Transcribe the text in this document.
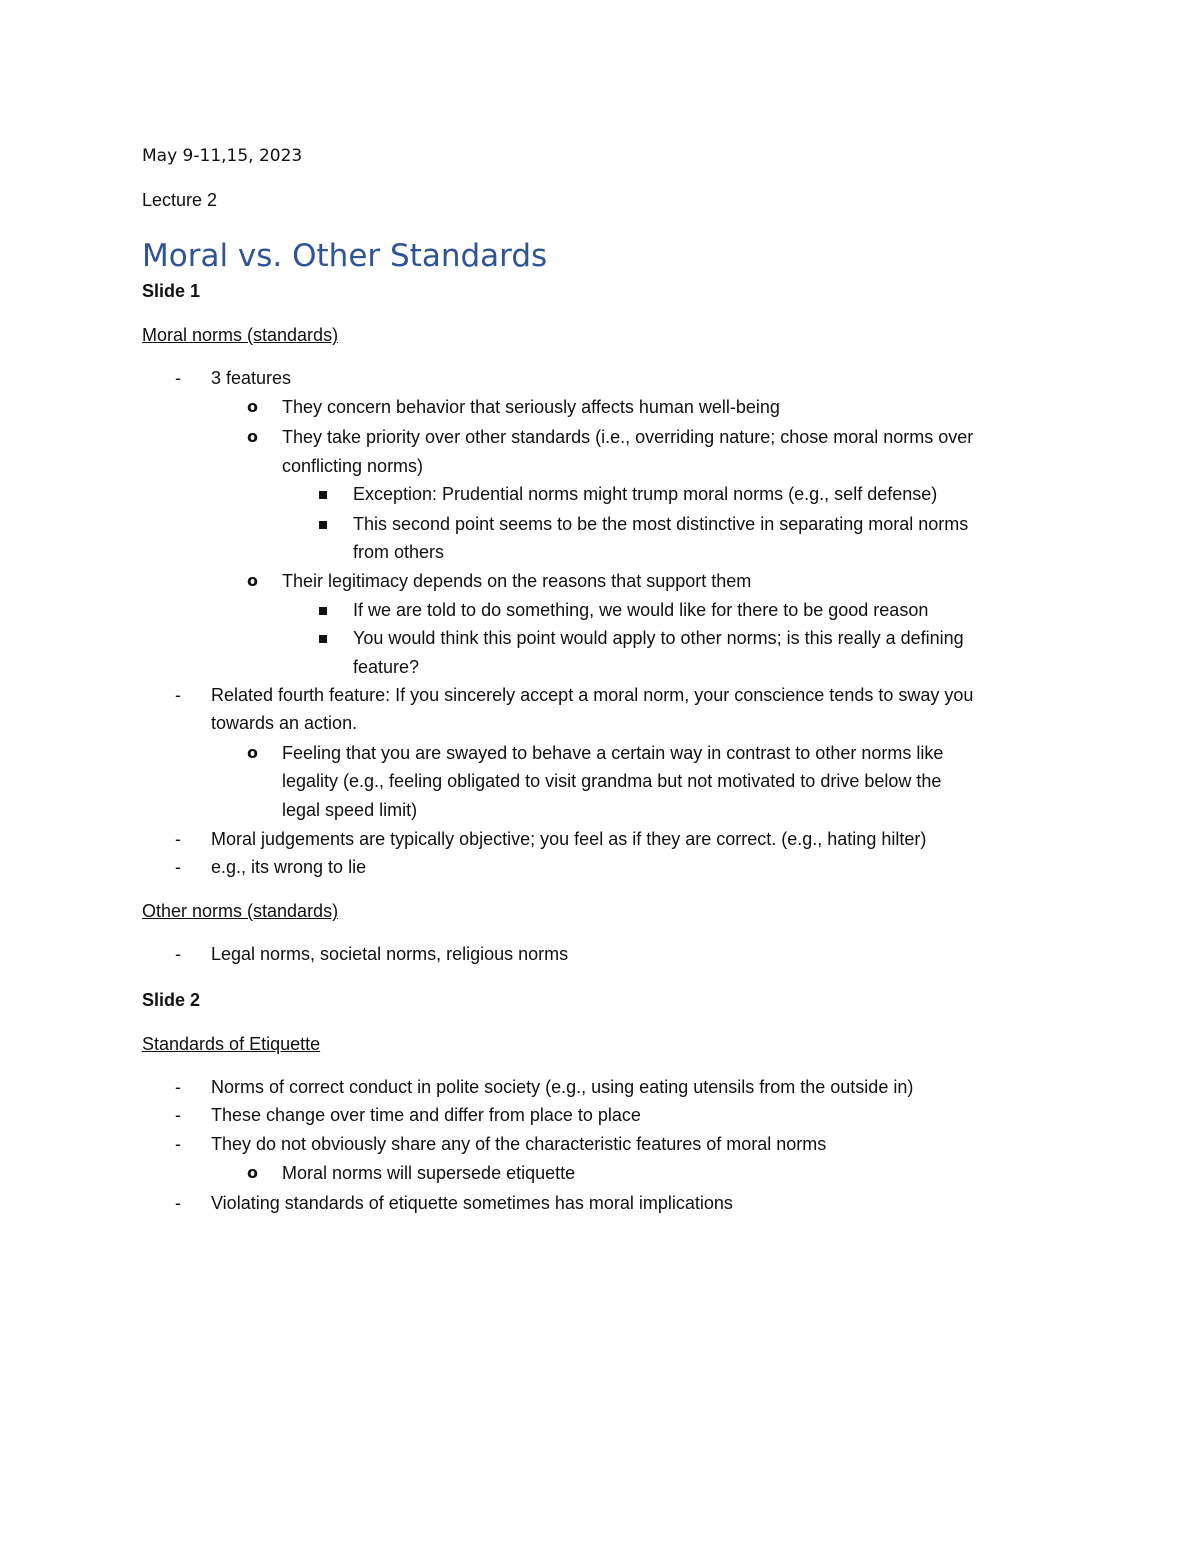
May 9-11,15, 2023
Lecture 2
Moral vs. Other Standards
Slide 1
Moral norms (standards)
- 3 features
o They concern behavior that seriously affects human well-being
o They take priority over other standards (i.e., overriding nature; chose moral norms over
conflicting norms)
Exception: Prudential norms might trump moral norms (e.g., self defense)
This second point seems to be the most distinctive in separating moral norms
from others
o Their legitimacy depends on the reasons that support them
If we are told to do something, we would like for there to be good reason
You would think this point would apply to other norms; is this really a defining
feature?
- Related fourth feature: If you sincerely accept a moral norm, your conscience tends to sway you
towards an action.
o Feeling that you are swayed to behave a certain way in contrast to other norms like
legality (e.g., feeling obligated to visit grandma but not motivated to drive below the
legal speed limit)
- Moral judgements are typically objective; you feel as if they are correct. (e.g., hating hilter)
- e.g., its wrong to lie
Other norms (standards)
- Legal norms, societal norms, religious norms
Slide 2
Standards of Etiquette
- Norms of correct conduct in polite society (e.g., using eating utensils from the outside in)
- These change over time and differ from place to place
- They do not obviously share any of the characteristic features of moral norms
o Moral norms will supersede etiquette
- Violating standards of etiquette sometimes has moral implications
